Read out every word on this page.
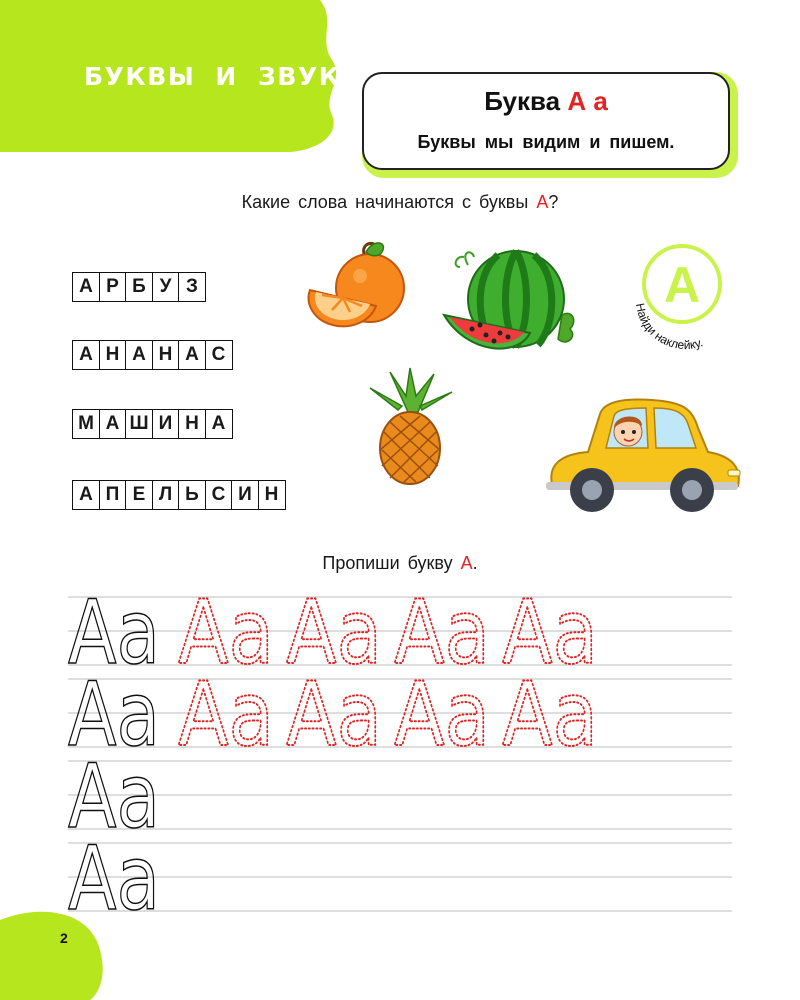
БУКВЫ И ЗВУКИ
Буква А а
Буквы мы видим и пишем.
Какие слова начинаются с буквы А?
А Р Б У З
А Н А Н А С
М А Ш И Н А
А П Е Л Ь С И Н
А
Найди наклейку.
Пропиши букву А.
Аа Аа Аа Аа Аа
Аа Аа Аа Аа Аа
Аа
Аа
2
